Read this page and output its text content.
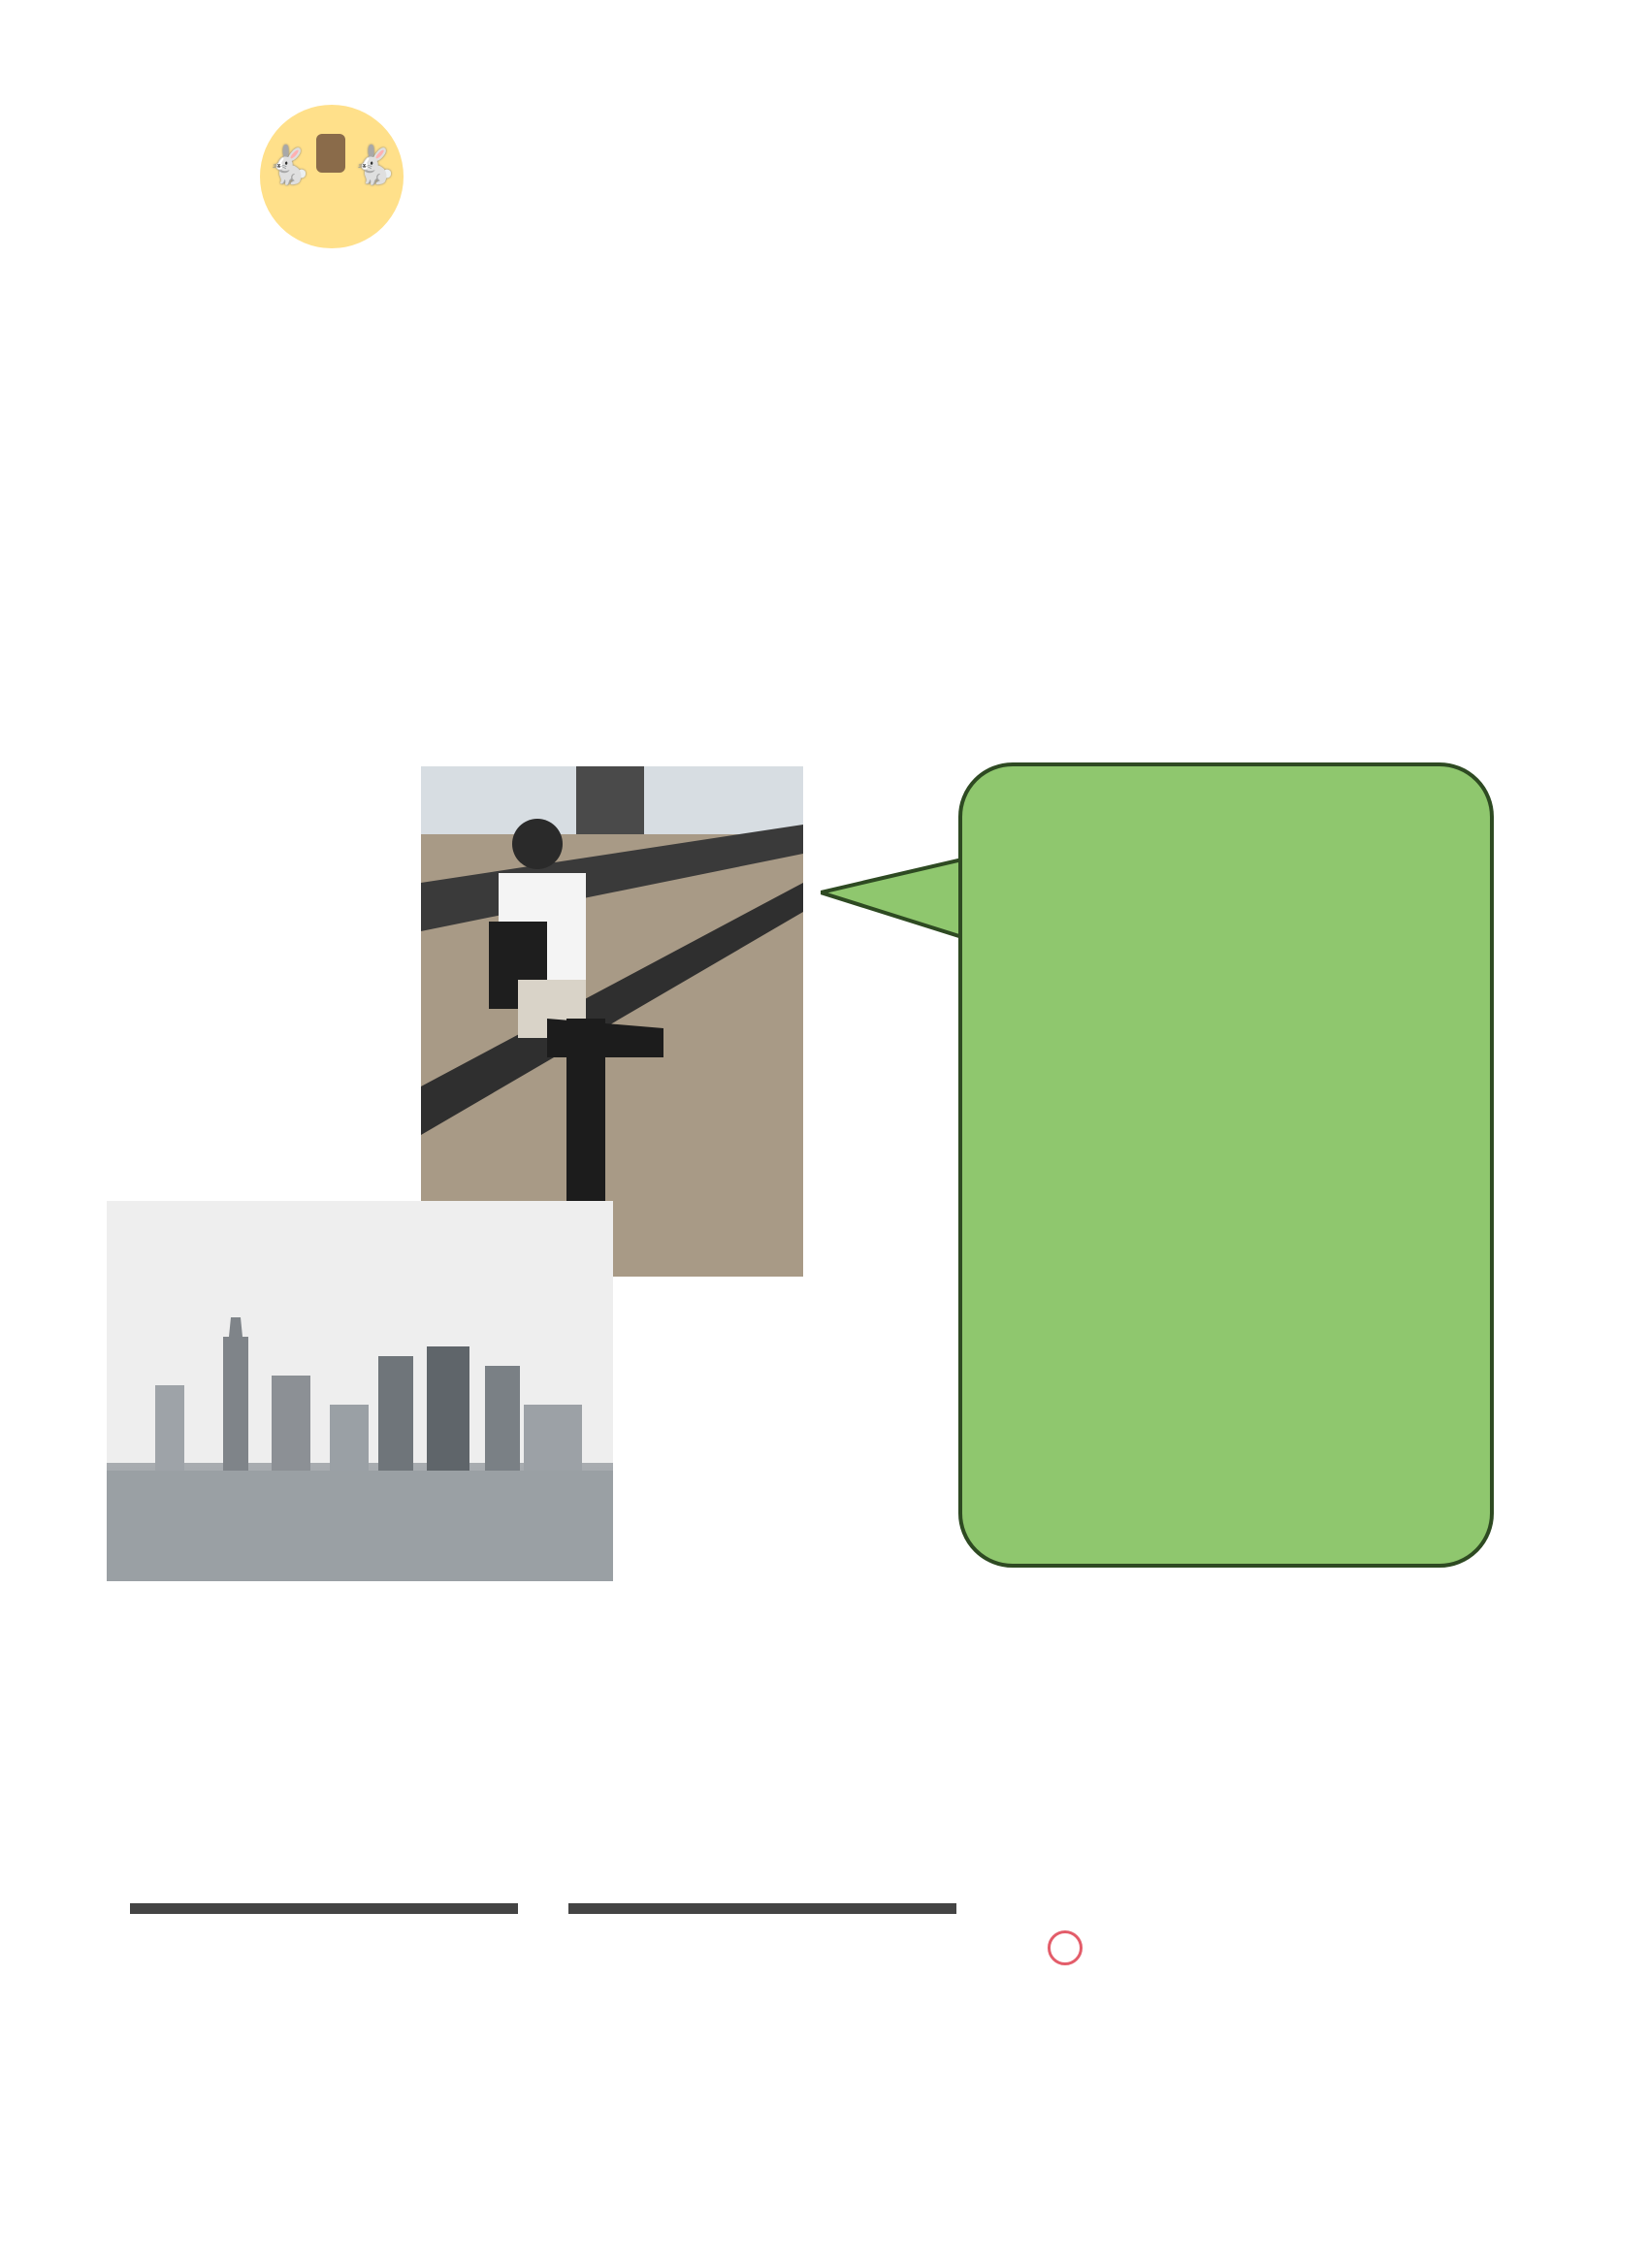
🐇 🐇
